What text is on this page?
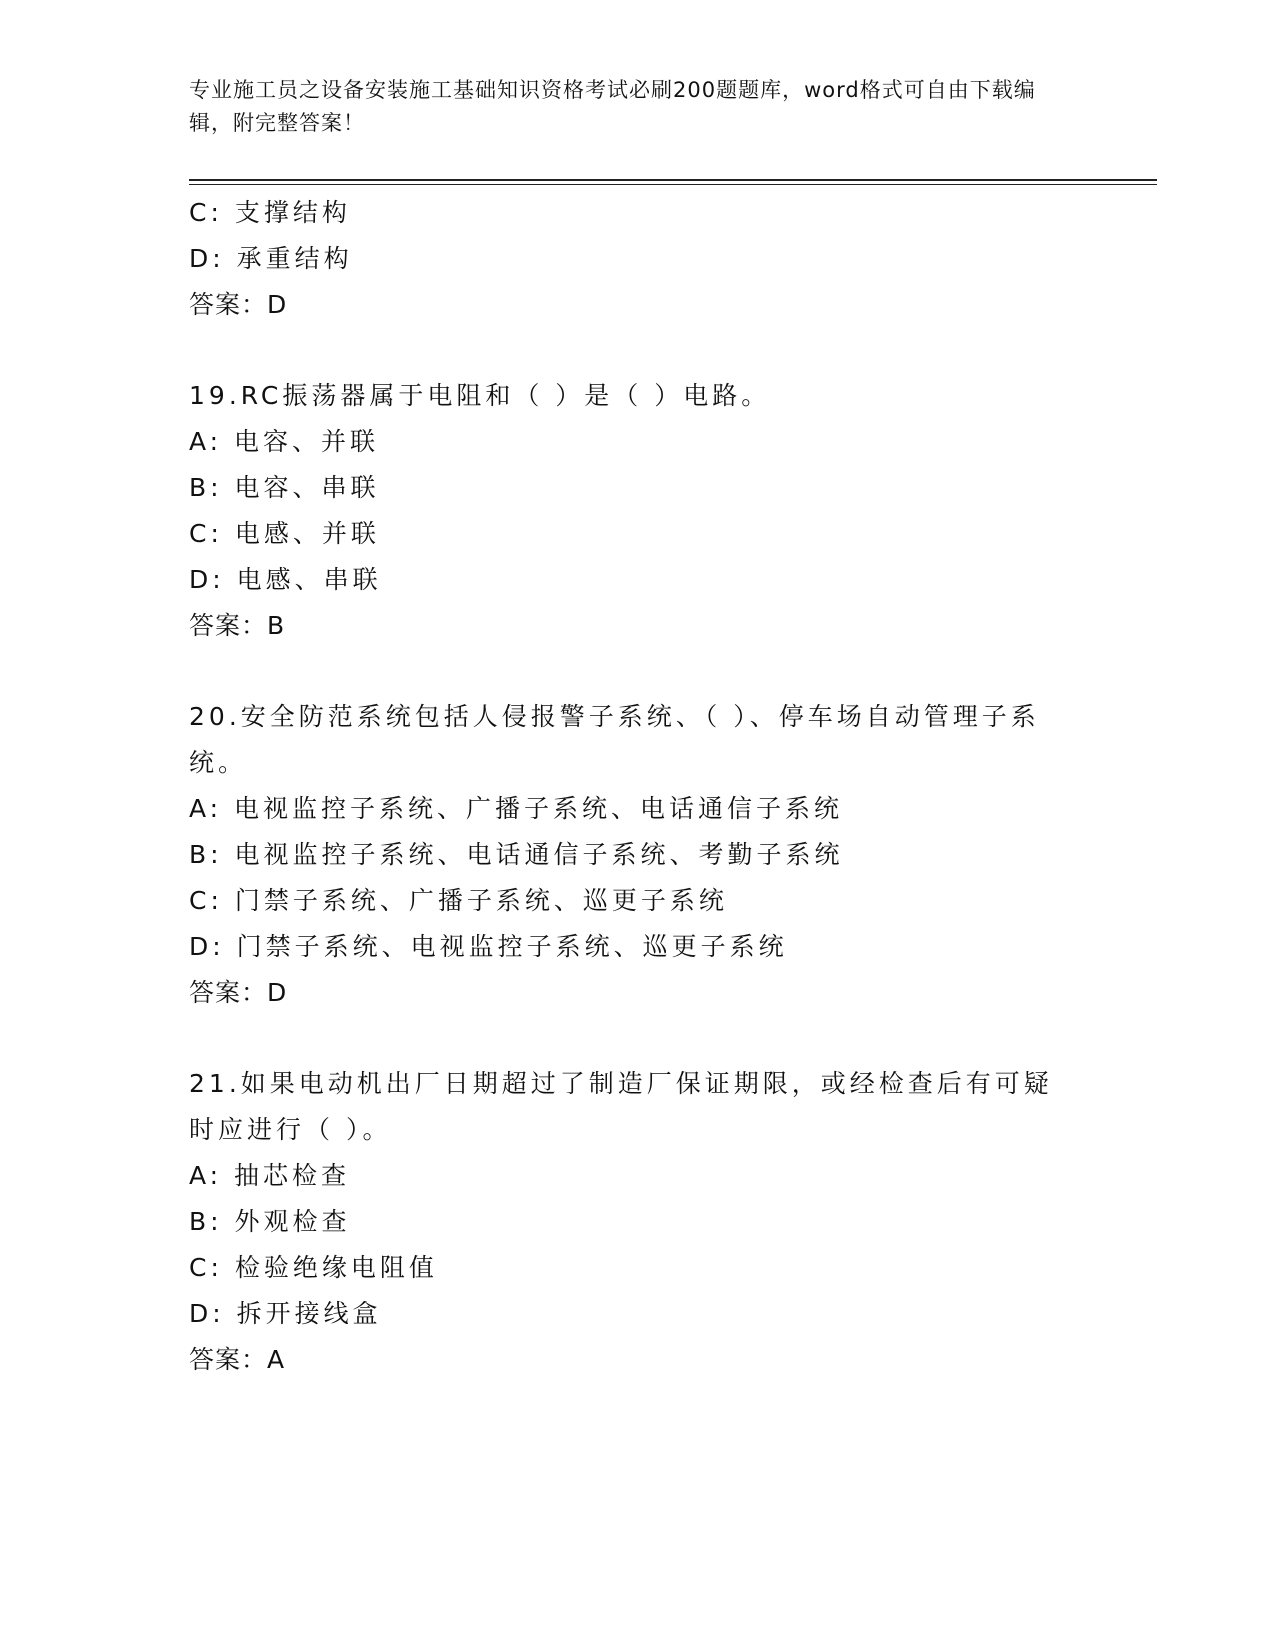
专业施工员之设备安装施工基础知识资格考试必刷200题题库，word格式可自由下载编辑，附完整答案！
C: 支撑结构
D: 承重结构
答案：D
19.RC振荡器属于电阻和（ ）是（ ）电路。
A: 电容、并联
B: 电容、串联
C: 电感、并联
D: 电感、串联
答案：B
20.安全防范系统包括人侵报警子系统、（ ）、停车场自动管理子系统。
A: 电视监控子系统、广播子系统、电话通信子系统
B: 电视监控子系统、电话通信子系统、考勤子系统
C: 门禁子系统、广播子系统、巡更子系统
D: 门禁子系统、电视监控子系统、巡更子系统
答案：D
21.如果电动机出厂日期超过了制造厂保证期限，或经检查后有可疑时应进行（ ）。
A: 抽芯检查
B: 外观检查
C: 检验绝缘电阻值
D: 拆开接线盒
答案：A
